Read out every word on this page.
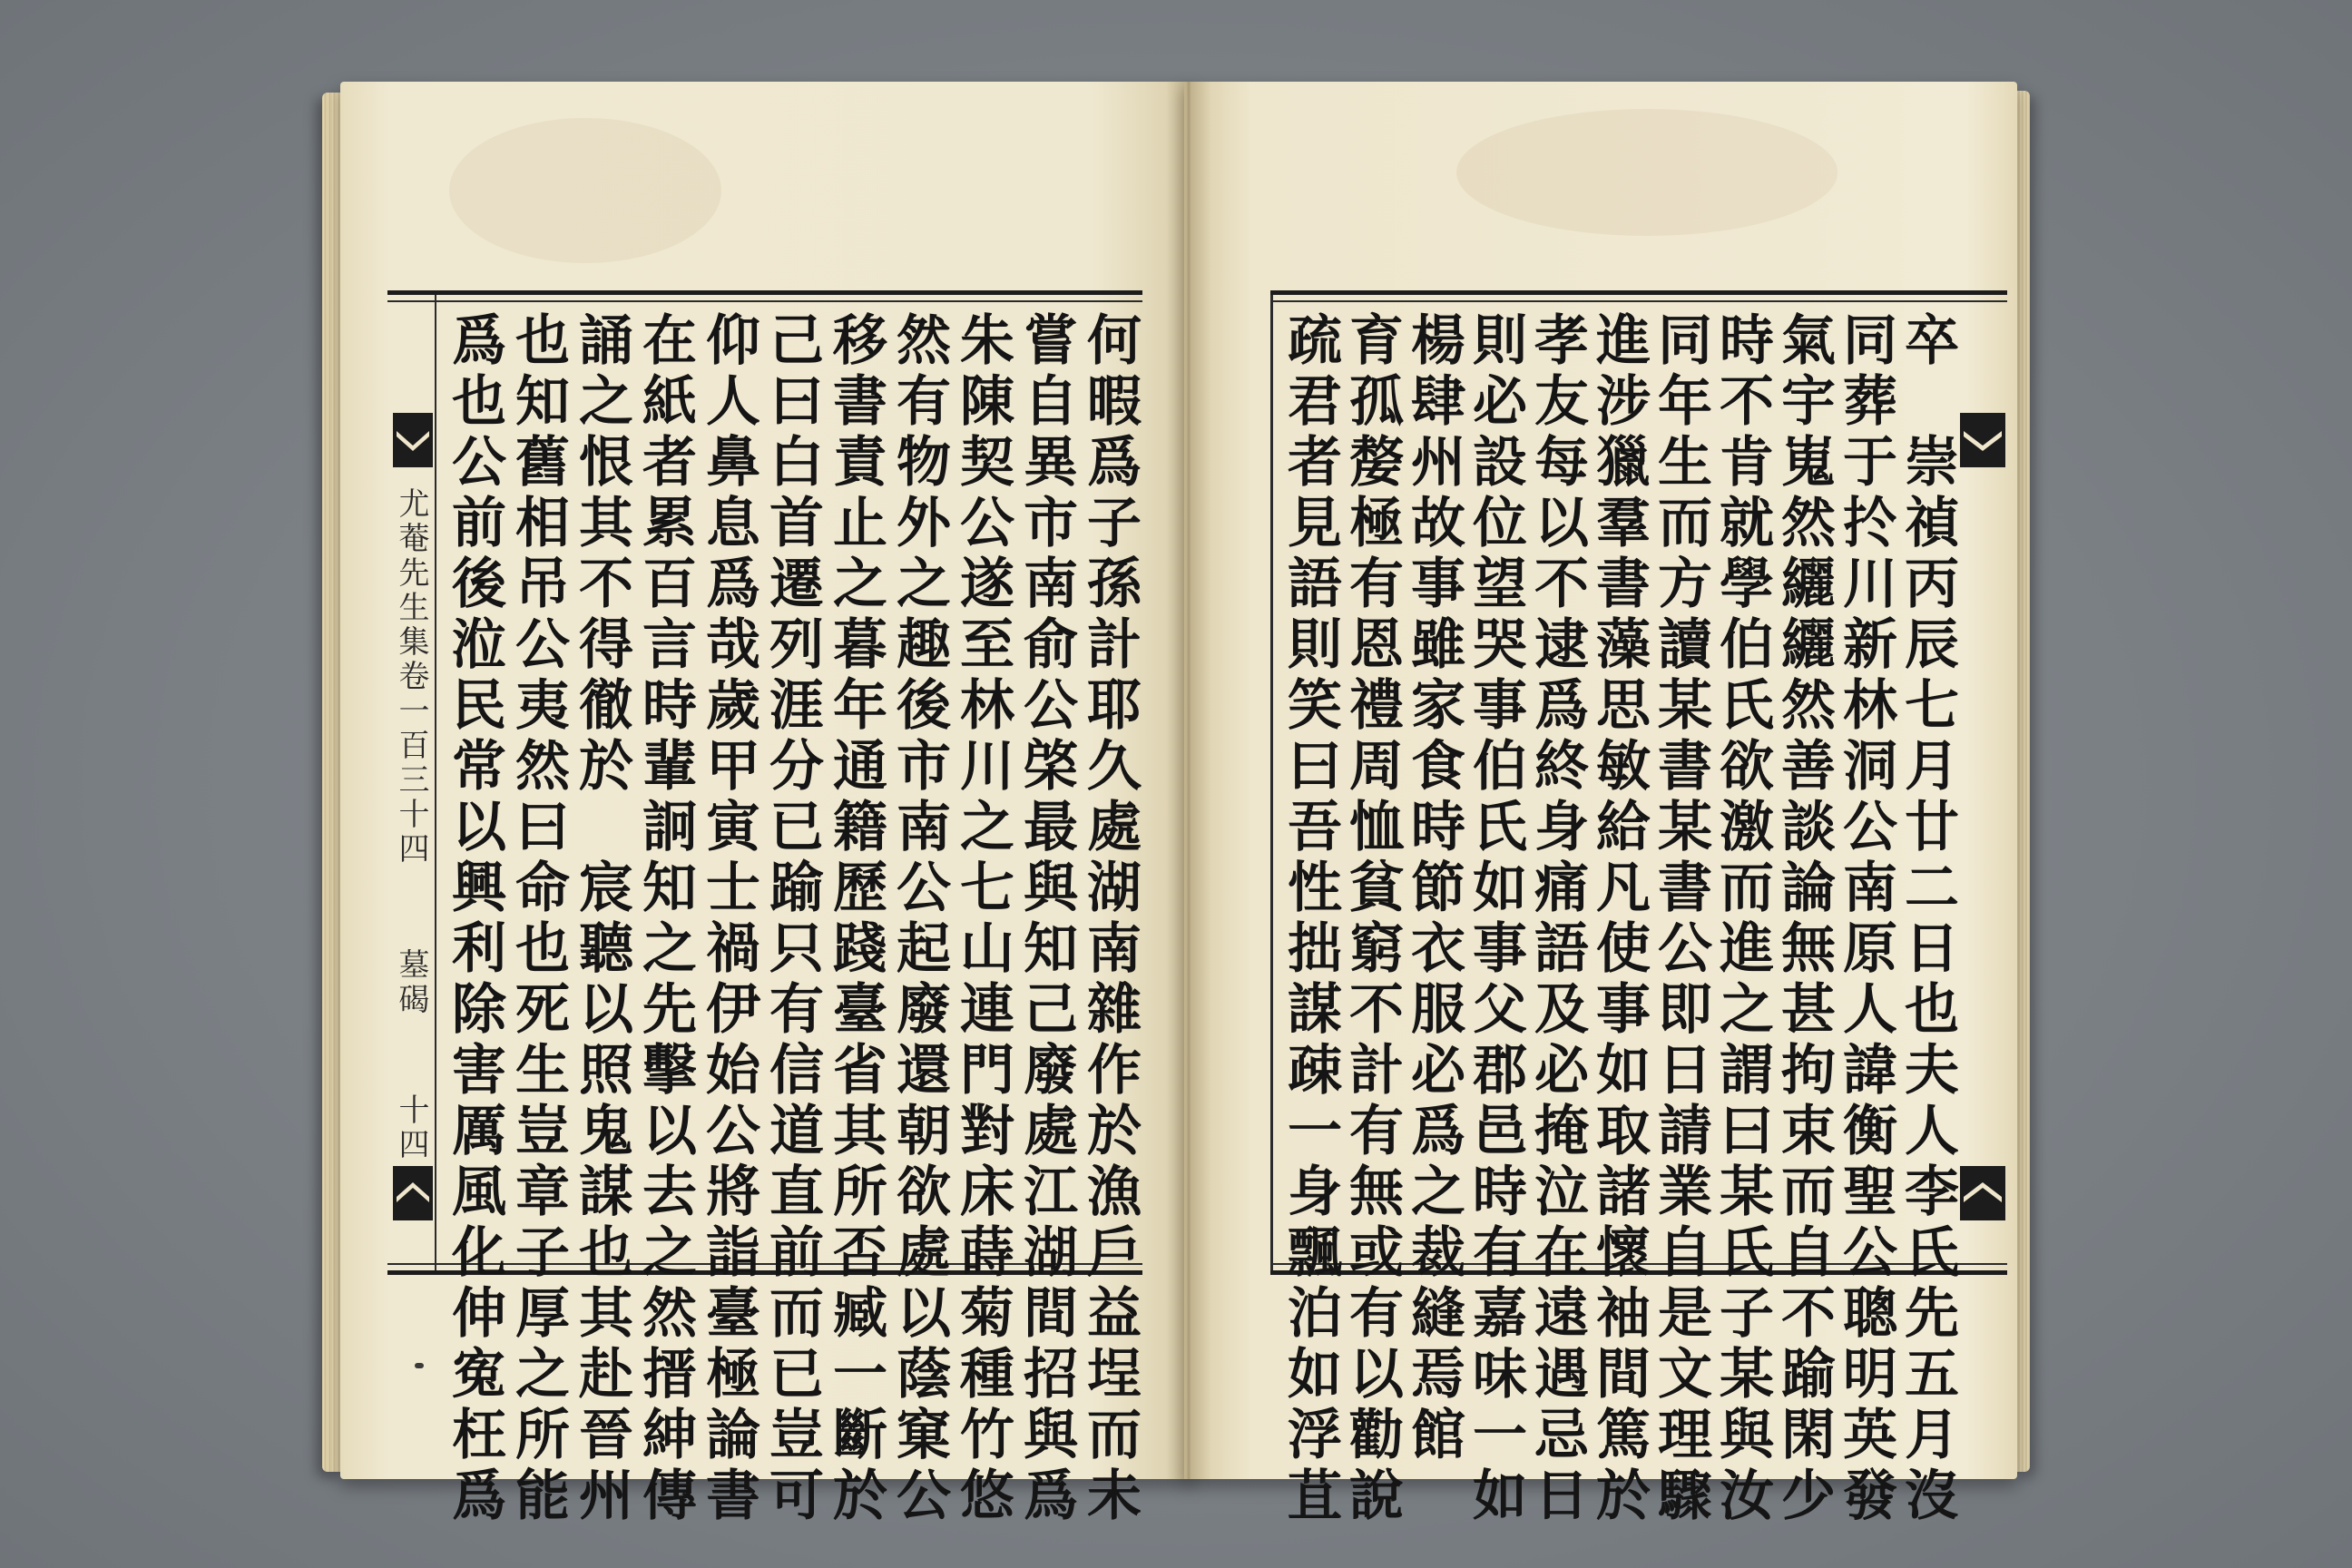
尤菴先生集卷一百三十四
墓碣
十四	何暇爲子孫計耶久處湖南雜作於漁戶益埕而未
嘗自異市南俞公棨最與知己廢處江湖間招與爲
朱陳契公遂至林川之七山連門對床蒔菊種竹悠
然有物外之趣後市南公起廢還朝欲處以蔭窠公
移書責止之暮年通籍歷踐臺省其所否臧一斷於
己曰白首遷列涯分已踰只有信道直前而已豈可
仰人鼻息爲哉歲甲寅士禍伊始公將詣臺極論書
在紙者累百言時輩詗知之先擊以去之然搢紳傳
誦之恨其不得徹於　宸聽以照鬼謀也其赴晉州
也知舊相吊公夷然曰命也死生豈章子厚之所能
爲也公前後涖民常以興利除害厲風化伸寃枉爲	卒　崇禎丙辰七月廿二日也夫人李氏先五月沒
同葬于扵川新林洞公南原人諱衡聖公聰明英發
氣宇嵬然纚纚然善談論無甚拘束而自不踰閑少
時不肯就學伯氏欲激而進之謂曰某氏子某與汝
同年生而方讀某書某書公即日請業自是文理驟
進涉獵羣書藻思敏給凡使事如取諸懷袖間篤於
孝友每以不逮爲終身痛語及必掩泣在遠遇忌日
則必設位望哭事伯氏如事父郡邑時有嘉味一如
楊肆州故事雖家食時節衣服必爲之裁縫焉館
育孤嫠極有恩禮周恤貧窮不計有無或有以勸說
疏君者見語則笑曰吾性拙謀疎一身飄泊如浮苴
